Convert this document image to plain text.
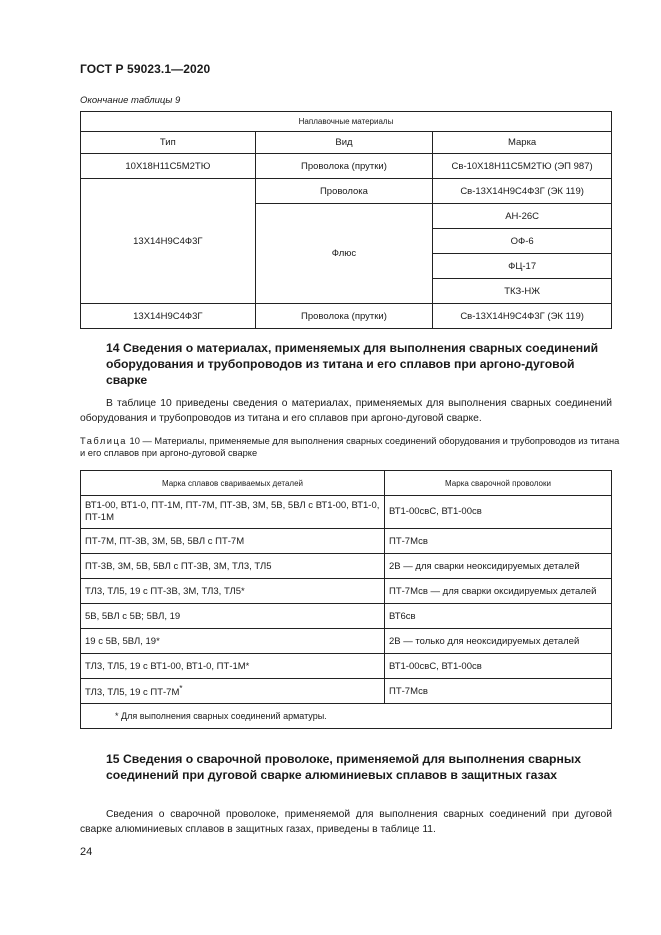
ГОСТ Р 59023.1—2020
Окончание таблицы 9
Наплавочные материалы		
Тип	Вид	Марка
10Х18Н11С5М2ТЮ	Проволока (прутки)	Св-10Х18Н11С5М2ТЮ (ЭП 987)
13Х14Н9С4Ф3Г	Проволока	Св-13Х14Н9С4Ф3Г (ЭК 119)
	Флюс	АН-26С
		ОФ-6
		ФЦ-17
		ТКЗ-НЖ
13Х14Н9С4Ф3Г	Проволока (прутки)	Св-13Х14Н9С4Ф3Г (ЭК 119)
14 Сведения о материалах, применяемых для выполнения сварных соединений оборудования и трубопроводов из титана и его сплавов при аргоно-дуговой сварке
В таблице 10 приведены сведения о материалах, применяемых для выполнения сварных соединений оборудования и трубопроводов из титана и его сплавов при аргоно-дуговой сварке.
Таблица 10 — Материалы, применяемые для выполнения сварных соединений оборудования и трубопроводов из титана и его сплавов при аргоно-дуговой сварке
Марка сплавов свариваемых деталей	Марка сварочной проволоки
ВТ1-00, ВТ1-0, ПТ-1М, ПТ-7М, ПТ-3В, 3М, 5В, 5ВЛ с ВТ1-00, ВТ1-0, ПТ-1М	ВТ1-00свС, ВТ1-00св
ПТ-7М, ПТ-3В, 3М, 5В, 5ВЛ с ПТ-7М	ПТ-7Мсв
ПТ-3В, 3М, 5В, 5ВЛ с ПТ-3В, 3М, ТЛ3, ТЛ5	2В — для сварки неоксидируемых деталей
ТЛ3, ТЛ5, 19 с ПТ-3В, 3М, ТЛ3, ТЛ5*	ПТ-7Мсв — для сварки оксидируемых деталей
5В, 5ВЛ с 5В; 5ВЛ, 19	ВТ6св
19 с 5В, 5ВЛ, 19*	2В — только для неоксидируемых деталей
ТЛ3, ТЛ5, 19 с ВТ1-00, ВТ1-0, ПТ-1М*	ВТ1-00свС, ВТ1-00св
ТЛ3, ТЛ5, 19 с ПТ-7М*	ПТ-7Мсв
* Для выполнения сварных соединений арматуры.	
15 Сведения о сварочной проволоке, применяемой для выполнения сварных соединений при дуговой сварке алюминиевых сплавов в защитных газах
Сведения о сварочной проволоке, применяемой для выполнения сварных соединений при дуговой сварке алюминиевых сплавов в защитных газах, приведены в таблице 11.
24
